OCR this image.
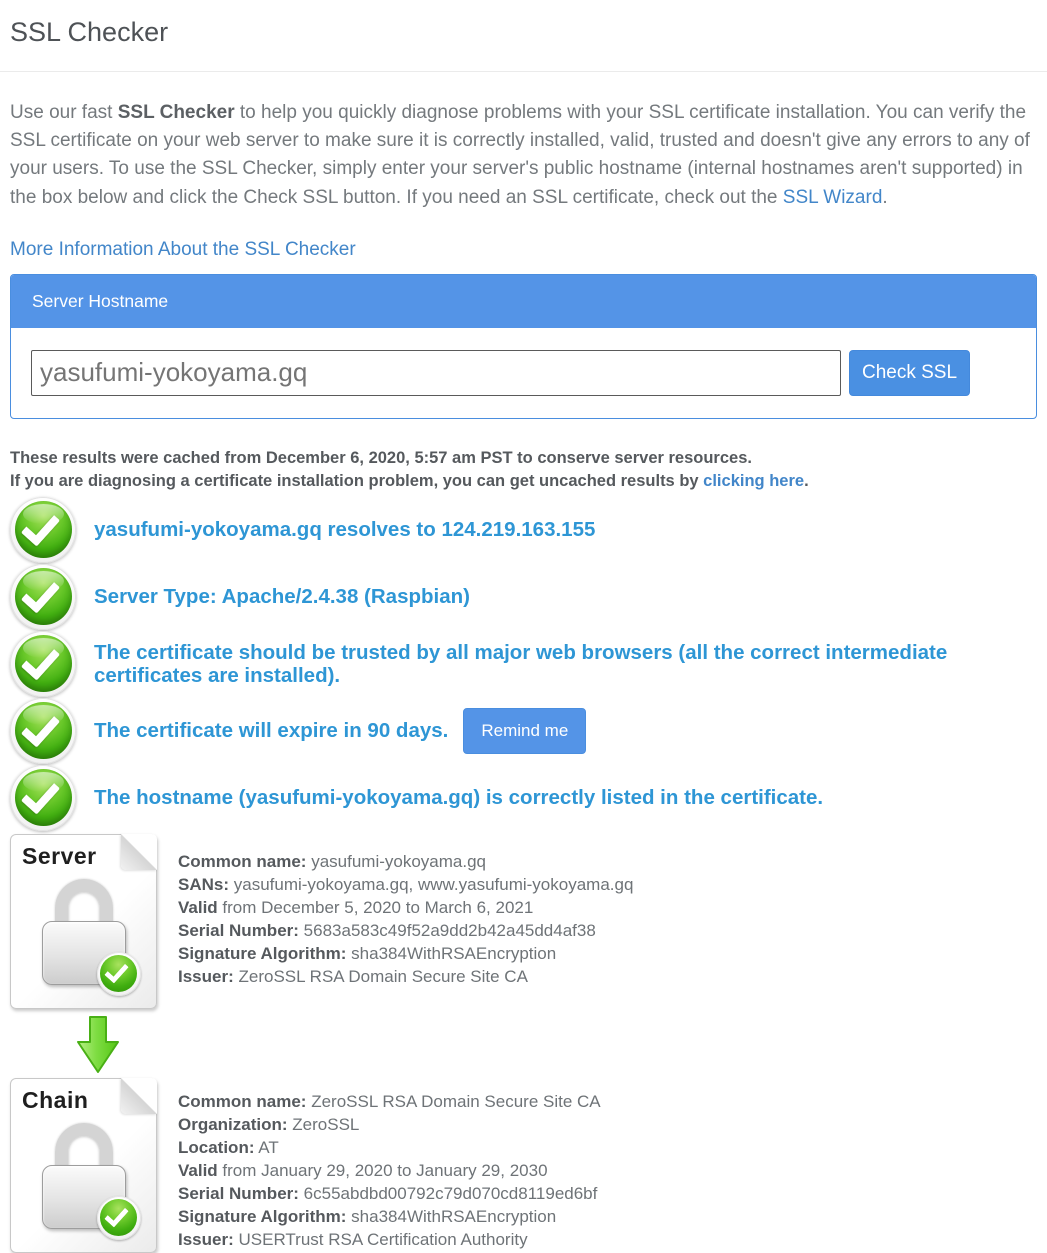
SSL Checker

Use our fast SSL Checker to help you quickly diagnose problems with your SSL certificate installation. You can verify the SSL certificate on your web server to make sure it is correctly installed, valid, trusted and doesn't give any errors to any of your users. To use the SSL Checker, simply enter your server's public hostname (internal hostnames aren't supported) in the box below and click the Check SSL button. If you need an SSL certificate, check out the SSL Wizard.

More Information About the SSL Checker
Server Hostname
yasufumi-yokoyama.gq
Check SSL
These results were cached from December 6, 2020, 5:57 am PST to conserve server resources.
If you are diagnosing a certificate installation problem, you can get uncached results by clicking here.
yasufumi-yokoyama.gq resolves to 124.219.163.155
Server Type: Apache/2.4.38 (Raspbian)
The certificate should be trusted by all major web browsers (all the correct intermediate certificates are installed).
The certificate will expire in 90 days.	Remind me
The hostname (yasufumi-yokoyama.gq) is correctly listed in the certificate.
Server	Common name: yasufumi-yokoyama.gq
SANs: yasufumi-yokoyama.gq, www.yasufumi-yokoyama.gq
Valid from December 5, 2020 to March 6, 2021
Serial Number: 5683a583c49f52a9dd2b42a45dd4af38
Signature Algorithm: sha384WithRSAEncryption
Issuer: ZeroSSL RSA Domain Secure Site CA
Chain	Common name: ZeroSSL RSA Domain Secure Site CA
Organization: ZeroSSL
Location: AT
Valid from January 29, 2020 to January 29, 2030
Serial Number: 6c55abdbd00792c79d070cd8119ed6bf
Signature Algorithm: sha384WithRSAEncryption
Issuer: USERTrust RSA Certification Authority
